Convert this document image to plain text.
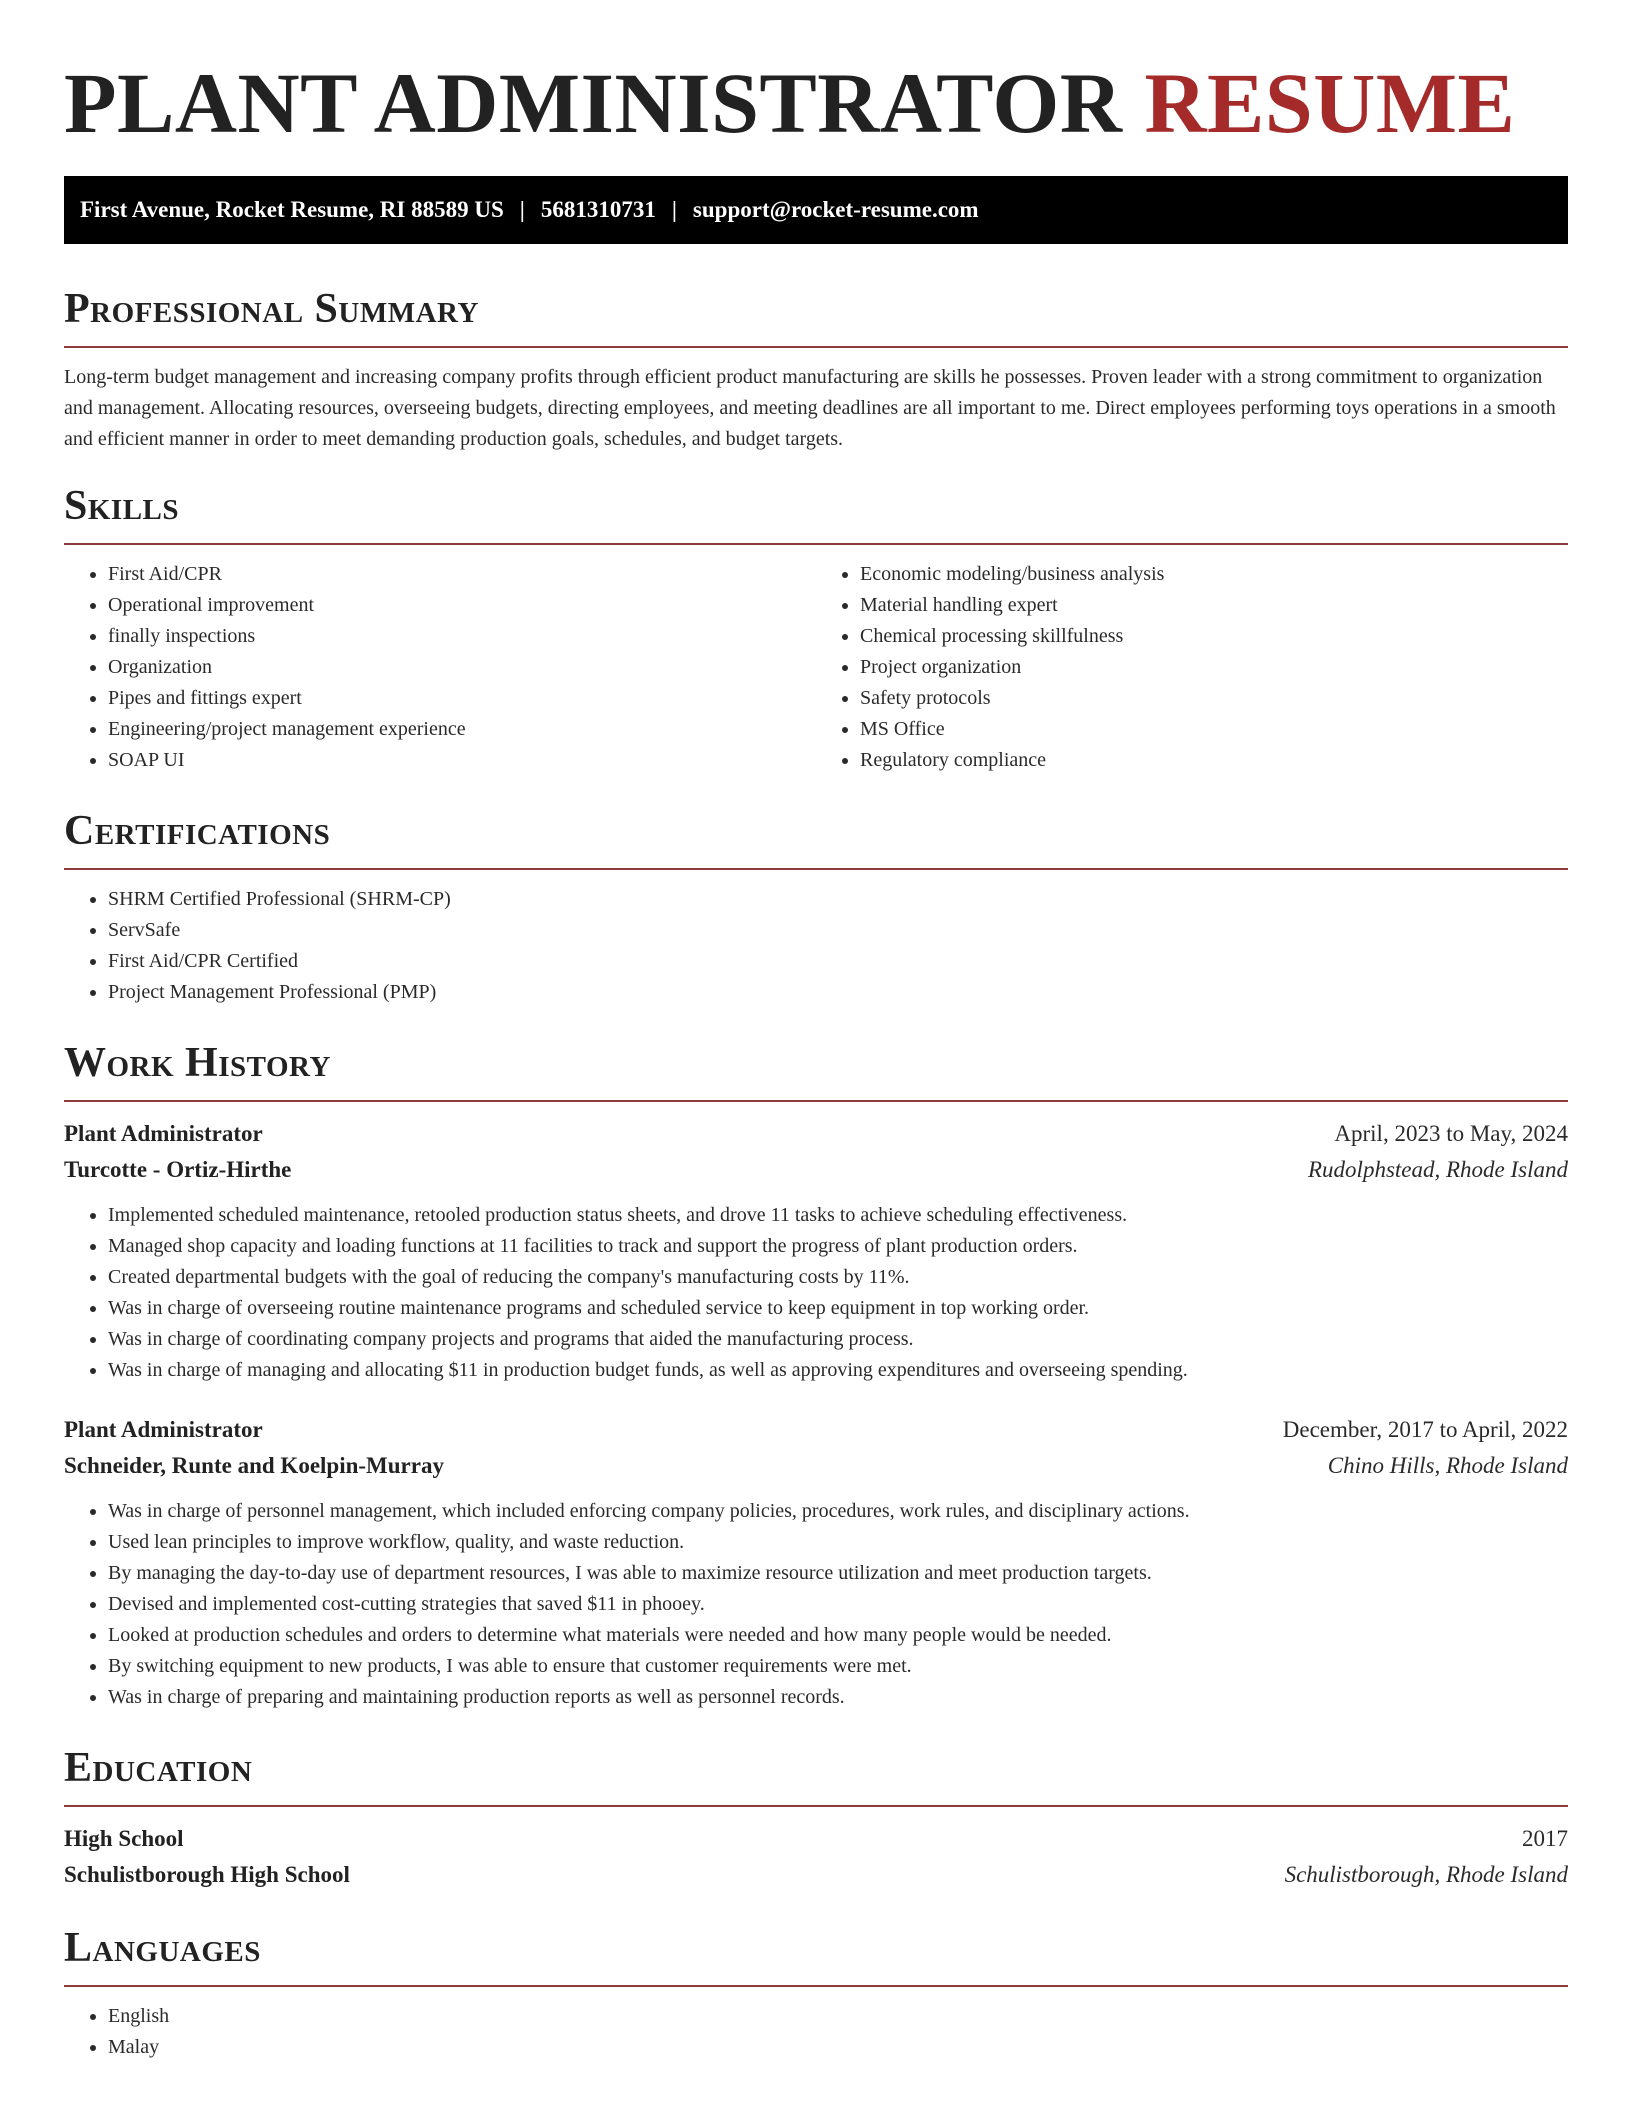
PLANT ADMINISTRATOR RESUME
First Avenue, Rocket Resume, RI 88589 US | 5681310731 | support@rocket-resume.com
Professional Summary

Long-term budget management and increasing company profits through efficient product manufacturing are skills he possesses. Proven leader with a strong commitment to organization and management. Allocating resources, overseeing budgets, directing employees, and meeting deadlines are all important to me. Direct employees performing toys operations in a smooth and efficient manner in order to meet demanding production goals, schedules, and budget targets.

Skills
• First Aid/CPR
• Operational improvement
• finally inspections
• Organization
• Pipes and fittings expert
• Engineering/project management experience
• SOAP UI
• Economic modeling/business analysis
• Material handling expert
• Chemical processing skillfulness
• Project organization
• Safety protocols
• MS Office
• Regulatory compliance
Certifications
• SHRM Certified Professional (SHRM-CP)
• ServSafe
• First Aid/CPR Certified
• Project Management Professional (PMP)
Work History
Plant Administrator	April, 2023 to May, 2024
Turcotte - Ortiz-Hirthe	Rudolphstead, Rhode Island
• Implemented scheduled maintenance, retooled production status sheets, and drove 11 tasks to achieve scheduling effectiveness.
• Managed shop capacity and loading functions at 11 facilities to track and support the progress of plant production orders.
• Created departmental budgets with the goal of reducing the company's manufacturing costs by 11%.
• Was in charge of overseeing routine maintenance programs and scheduled service to keep equipment in top working order.
• Was in charge of coordinating company projects and programs that aided the manufacturing process.
• Was in charge of managing and allocating $11 in production budget funds, as well as approving expenditures and overseeing spending.
Plant Administrator	December, 2017 to April, 2022
Schneider, Runte and Koelpin-Murray	Chino Hills, Rhode Island
• Was in charge of personnel management, which included enforcing company policies, procedures, work rules, and disciplinary actions.
• Used lean principles to improve workflow, quality, and waste reduction.
• By managing the day-to-day use of department resources, I was able to maximize resource utilization and meet production targets.
• Devised and implemented cost-cutting strategies that saved $11 in phooey.
• Looked at production schedules and orders to determine what materials were needed and how many people would be needed.
• By switching equipment to new products, I was able to ensure that customer requirements were met.
• Was in charge of preparing and maintaining production reports as well as personnel records.
Education
High School	2017
Schulistborough High School	Schulistborough, Rhode Island
Languages
• English
• Malay
